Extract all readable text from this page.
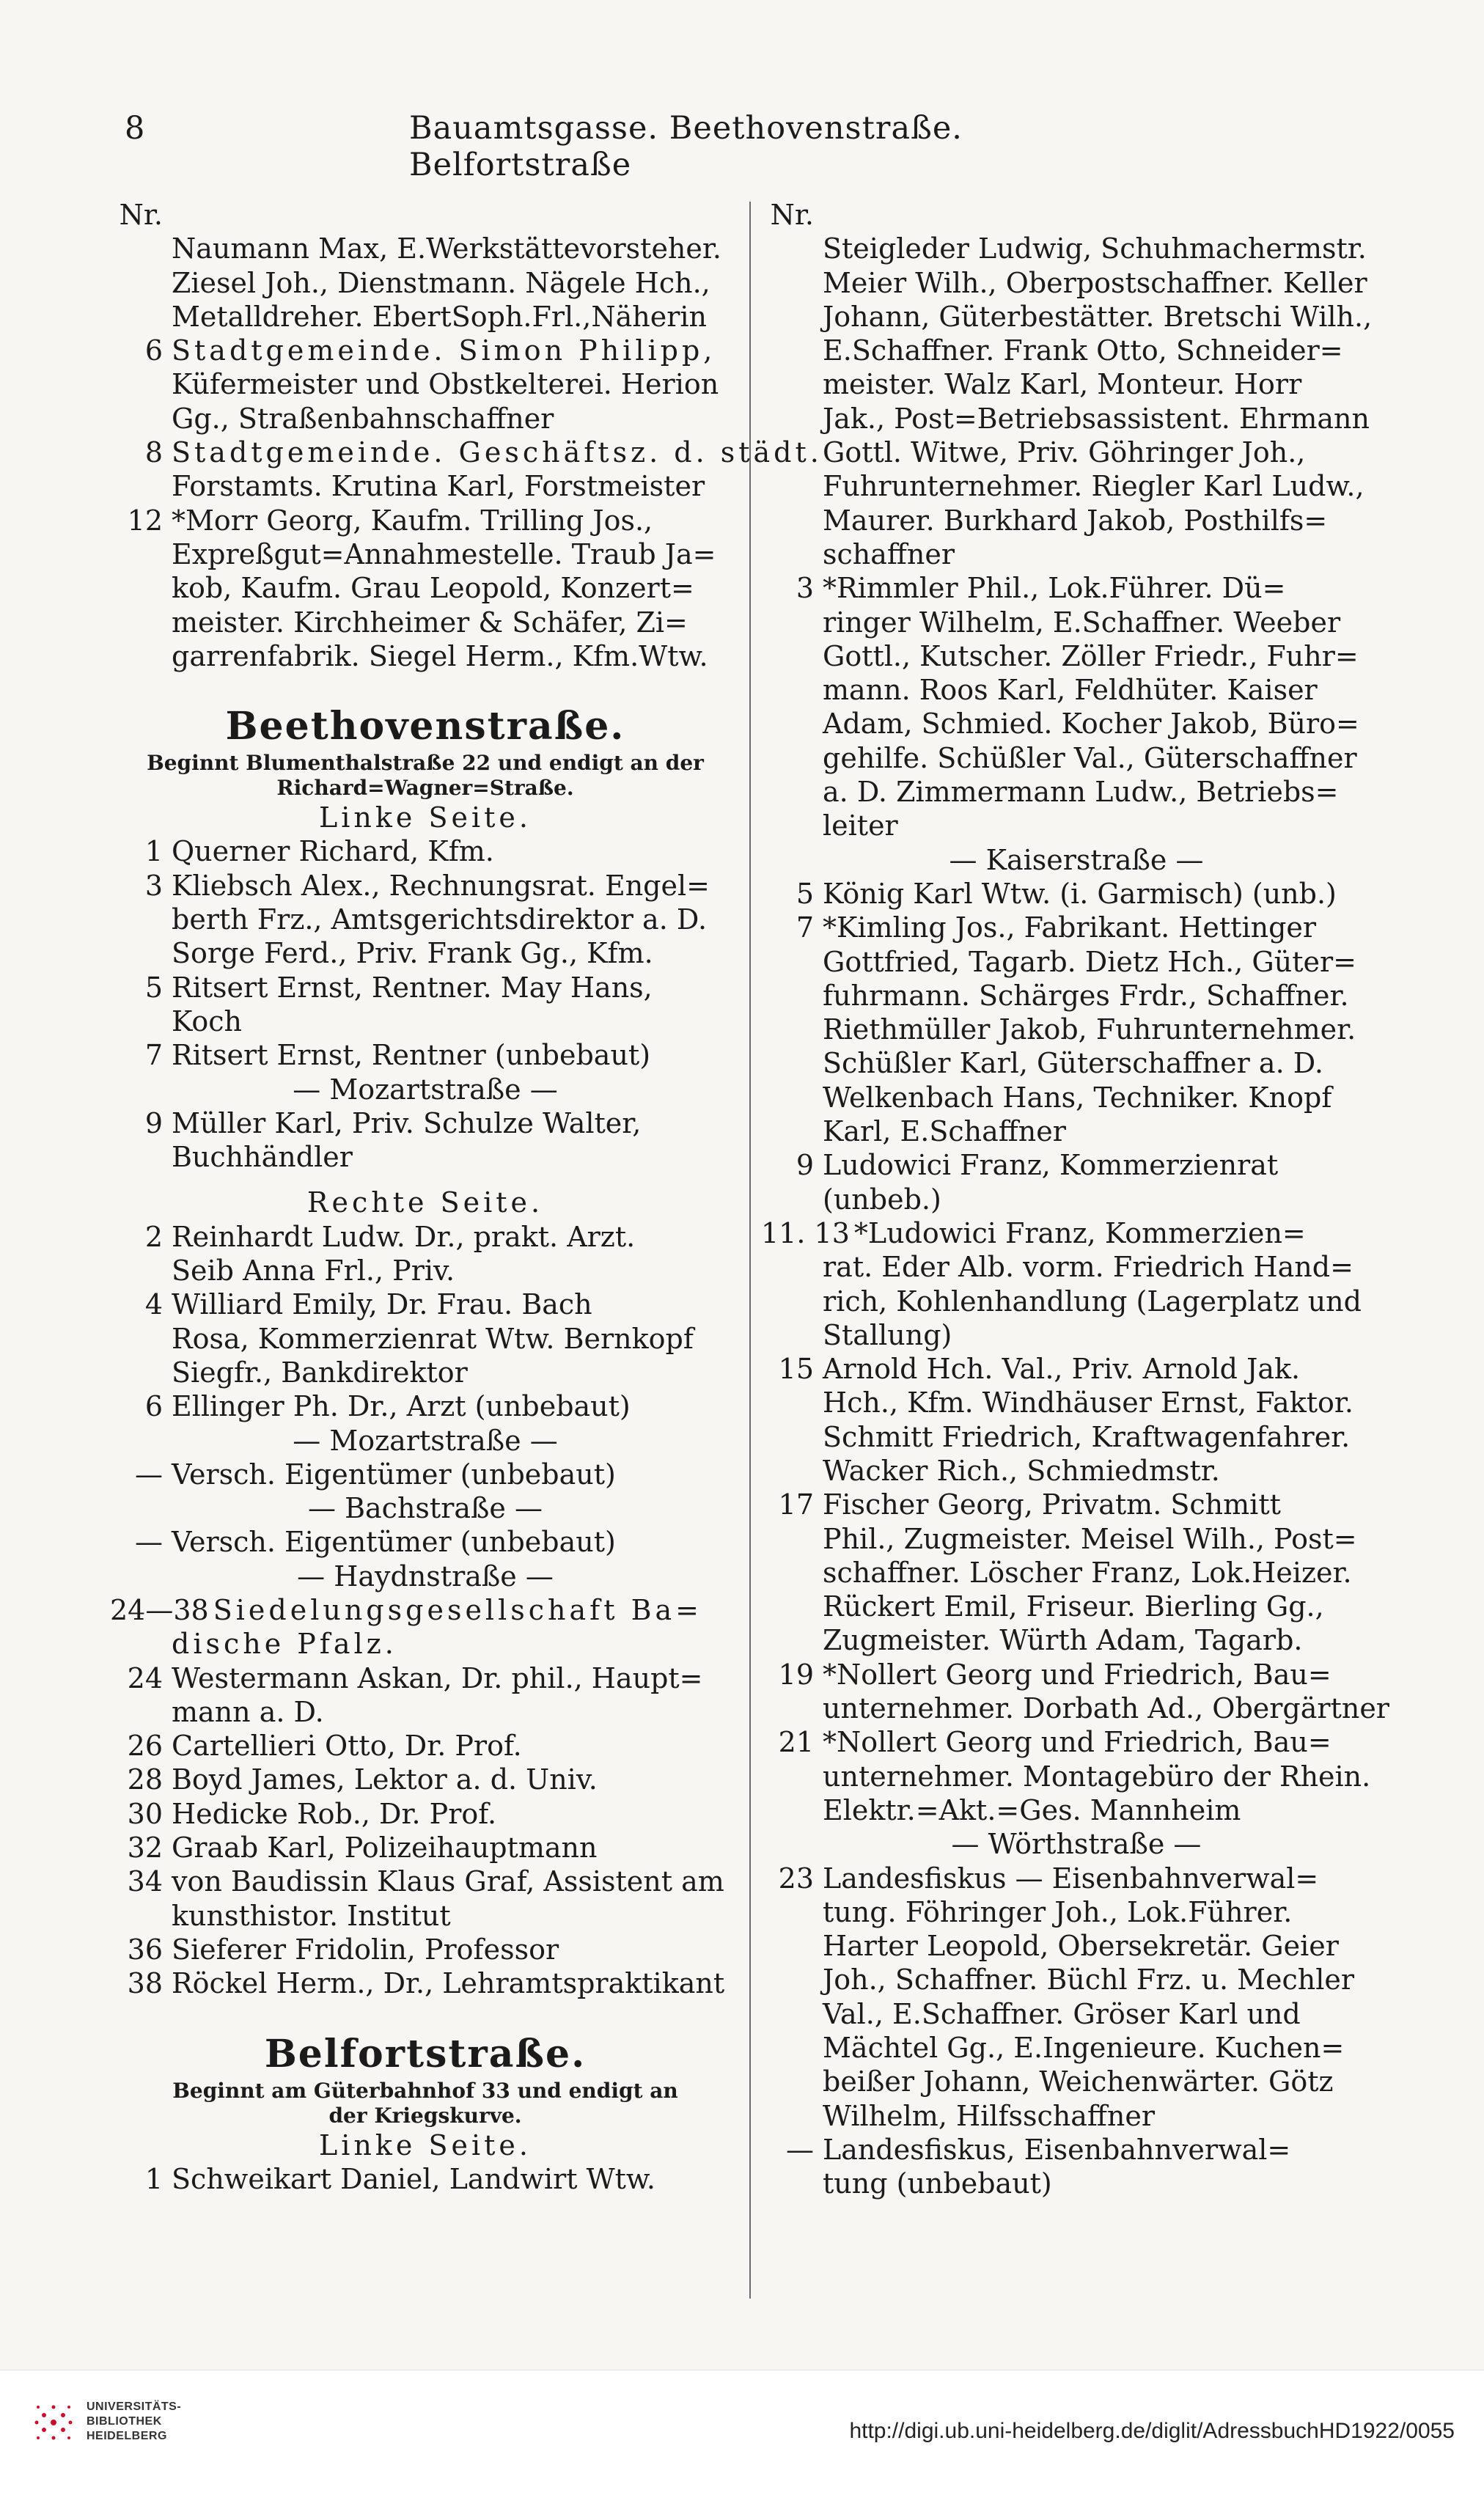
8	Bauamtsgasse. Beethovenstraße. Belfortstraße
Nr.
Naumann Max, E.Werkstättevorsteher.
Ziesel Joh., Dienstmann. Nägele Hch.,
Metalldreher. EbertSoph.Frl.,Näherin
6 Stadtgemeinde. Simon Philipp,
Küfermeister und Obstkelterei. Herion
Gg., Straßenbahnschaffner
8 Stadtgemeinde. Geschäftsz. d. städt.
Forstamts. Krutina Karl, Forstmeister
12 *Morr Georg, Kaufm. Trilling Jos.,
Expreßgut=Annahmestelle. Traub Ja=
kob, Kaufm. Grau Leopold, Konzert=
meister. Kirchheimer & Schäfer, Zi=
garrenfabrik. Siegel Herm., Kfm.Wtw.
Beethovenstraße.
Beginnt Blumenthalstraße 22 und endigt an der
Richard=Wagner=Straße.
Linke Seite.
1 Querner Richard, Kfm.
3 Kliebsch Alex., Rechnungsrat. Engel=
berth Frz., Amtsgerichtsdirektor a. D.
Sorge Ferd., Priv. Frank Gg., Kfm.
5 Ritsert Ernst, Rentner. May Hans,
Koch
7 Ritsert Ernst, Rentner (unbebaut)
— Mozartstraße —
9 Müller Karl, Priv. Schulze Walter,
Buchhändler
Rechte Seite.
2 Reinhardt Ludw. Dr., prakt. Arzt.
Seib Anna Frl., Priv.
4 Williard Emily, Dr. Frau. Bach
Rosa, Kommerzienrat Wtw. Bernkopf
Siegfr., Bankdirektor
6 Ellinger Ph. Dr., Arzt (unbebaut)
— Mozartstraße —
— Versch. Eigentümer (unbebaut)
— Bachstraße —
— Versch. Eigentümer (unbebaut)
— Haydnstraße —
24—38 Siedelungsgesellschaft Ba=
dische Pfalz.
24 Westermann Askan, Dr. phil., Haupt=
mann a. D.
26 Cartellieri Otto, Dr. Prof.
28 Boyd James, Lektor a. d. Univ.
30 Hedicke Rob., Dr. Prof.
32 Graab Karl, Polizeihauptmann
34 von Baudissin Klaus Graf, Assistent am
kunsthistor. Institut
36 Sieferer Fridolin, Professor
38 Röckel Herm., Dr., Lehramtspraktikant
Belfortstraße.
Beginnt am Güterbahnhof 33 und endigt an
der Kriegskurve.
Linke Seite.
1 Schweikart Daniel, Landwirt Wtw.
Nr.
Steigleder Ludwig, Schuhmachermstr.
Meier Wilh., Oberpostschaffner. Keller
Johann, Güterbestätter. Bretschi Wilh.,
E.Schaffner. Frank Otto, Schneider=
meister. Walz Karl, Monteur. Horr
Jak., Post=Betriebsassistent. Ehrmann
Gottl. Witwe, Priv. Göhringer Joh.,
Fuhrunternehmer. Riegler Karl Ludw.,
Maurer. Burkhard Jakob, Posthilfs=
schaffner
3 *Rimmler Phil., Lok.Führer. Dü=
ringer Wilhelm, E.Schaffner. Weeber
Gottl., Kutscher. Zöller Friedr., Fuhr=
mann. Roos Karl, Feldhüter. Kaiser
Adam, Schmied. Kocher Jakob, Büro=
gehilfe. Schüßler Val., Güterschaffner
a. D. Zimmermann Ludw., Betriebs=
leiter
— Kaiserstraße —
5 König Karl Wtw. (i. Garmisch) (unb.)
7 *Kimling Jos., Fabrikant. Hettinger
Gottfried, Tagarb. Dietz Hch., Güter=
fuhrmann. Schärges Frdr., Schaffner.
Riethmüller Jakob, Fuhrunternehmer.
Schüßler Karl, Güterschaffner a. D.
Welkenbach Hans, Techniker. Knopf
Karl, E.Schaffner
9 Ludowici Franz, Kommerzienrat
(unbeb.)
11. 13 *Ludowici Franz, Kommerzien=
rat. Eder Alb. vorm. Friedrich Hand=
rich, Kohlenhandlung (Lagerplatz und
Stallung)
15 Arnold Hch. Val., Priv. Arnold Jak.
Hch., Kfm. Windhäuser Ernst, Faktor.
Schmitt Friedrich, Kraftwagenfahrer.
Wacker Rich., Schmiedmstr.
17 Fischer Georg, Privatm. Schmitt
Phil., Zugmeister. Meisel Wilh., Post=
schaffner. Löscher Franz, Lok.Heizer.
Rückert Emil, Friseur. Bierling Gg.,
Zugmeister. Würth Adam, Tagarb.
19 *Nollert Georg und Friedrich, Bau=
unternehmer. Dorbath Ad., Obergärtner
21 *Nollert Georg und Friedrich, Bau=
unternehmer. Montagebüro der Rhein.
Elektr.=Akt.=Ges. Mannheim
— Wörthstraße —
23 Landesfiskus — Eisenbahnverwal=
tung. Föhringer Joh., Lok.Führer.
Harter Leopold, Obersekretär. Geier
Joh., Schaffner. Büchl Frz. u. Mechler
Val., E.Schaffner. Gröser Karl und
Mächtel Gg., E.Ingenieure. Kuchen=
beißer Johann, Weichenwärter. Götz
Wilhelm, Hilfsschaffner
— Landesfiskus, Eisenbahnverwal=
tung (unbebaut)
UNIVERSITÄTS-
BIBLIOTHEK
HEIDELBERG	http://digi.ub.uni-heidelberg.de/diglit/AdressbuchHD1922/0055
